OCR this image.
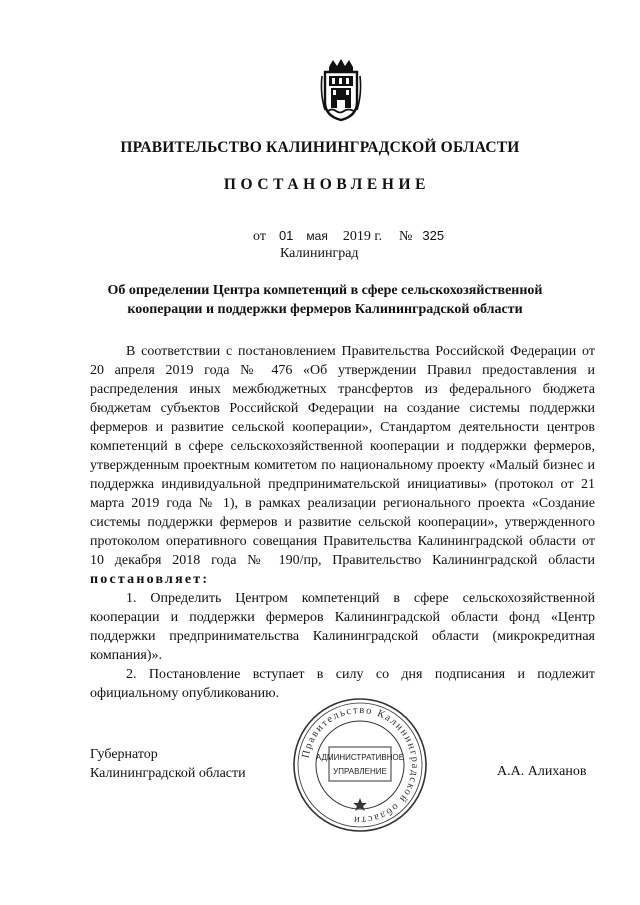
ПРАВИТЕЛЬСТВО КАЛИНИНГРАДСКОЙ ОБЛАСТИ
ПОСТАНОВЛЕНИЕ
от 01 мая 2019 г. № 325
Калининград
Об определении Центра компетенций в сфере сельскохозяйственной
кооперации и поддержки фермеров Калининградской области

В соответствии с постановлением Правительства Российской Федерации от 20 апреля 2019 года № 476 «Об утверждении Правил предоставления и распределения иных межбюджетных трансфертов из федерального бюджета бюджетам субъектов Российской Федерации на создание системы поддержки фермеров и развитие сельской кооперации», Стандартом деятельности центров компетенций в сфере сельскохозяйственной кооперации и поддержки фермеров, утвержденным проектным комитетом по национальному проекту «Малый бизнес и поддержка индивидуальной предпринимательской инициативы» (протокол от 21 марта 2019 года № 1), в рамках реализации регионального проекта «Создание системы поддержки фермеров и развитие сельской кооперации», утвержденного протоколом оперативного совещания Правительства Калининградской области от 10 декабря 2018 года № 190/пр, Правительство Калининградской области постановляет:

1. Определить Центром компетенций в сфере сельскохозяйственной кооперации и поддержки фермеров Калининградской области фонд «Центр поддержки предпринимательства Калининградской области (микрокредитная компания)».

2. Постановление вступает в силу со дня подписания и подлежит официальному опубликованию.

Губернатор
Калининградской области	А.А. Алиханов
Правительство Калининградской области
АДМИНИСТРАТИВНОЕ
УПРАВЛЕНИЕ
